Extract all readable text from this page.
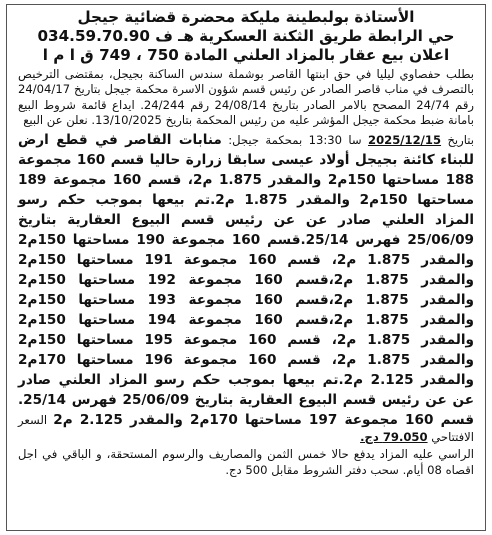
الأستاذة بولبطينة مليكة محضرة قضائية جيجل

حي الرابطة طريق الثكنة العسكرية هـ ف 034.59.70.90

اعلان بيع عقار بالمزاد العلني المادة 750 ، 749 ق ا م ا

بطلب حفصاوي ليليا في حق ابنتها القاصر بوشملة سندس الساكنة بجيجل، بمقتضى الترخيص بالتصرف في مناب قاصر الصادر عن رئيس قسم شؤون الاسرة محكمة جيجل بتاريخ 24/04/17 رقم 24/74 المصحح بالامر الصادر بتاريخ 24/08/14 رقم 24/244. ايداع قائمة شروط البيع بامانة ضبط محكمة جيجل المؤشر عليه من رئيس المحكمة بتاريخ 13/10/2025. نعلن عن البيع

بتاريخ 2025/12/15 سا 13:30 بمحكمة جيجل: منابات القاصر في قطع ارض للبناء كائنة بجيجل أولاد عيسى سابقا زرارة حاليا قسم 160 مجموعة 188 مساحتها 150م2 والمقدر 1.875 م2، قسم 160 مجموعة 189 مساحتها 150م2 والمقدر 1.875 م2.تم بيعها بموجب حكم رسو المزاد العلني صادر عن عن رئيس قسم البيوع العقارية بتاريخ 25/06/09 فهرس 25/14.قسم 160 مجموعة 190 مساحتها 150م2 والمقدر 1.875 م2، قسم 160 مجموعة 191 مساحتها 150م2 والمقدر 1.875 م2،قسم 160 مجموعة 192 مساحتها 150م2 والمقدر 1.875 م2،قسم 160 مجموعة 193 مساحتها 150م2 والمقدر 1.875 م2،قسم 160 مجموعة 194 مساحتها 150م2 والمقدر 1.875 م2، قسم 160 مجموعة 195 مساحتها 150م2 والمقدر 1.875 م2، قسم 160 مجموعة 196 مساحتها 170م2 والمقدر 2.125 م2.تم بيعها بموجب حكم رسو المزاد العلني صادر عن عن رئيس قسم البيوع العقارية بتاريخ 25/06/09 فهرس 25/14. قسم 160 مجموعة 197 مساحتها 170م2 والمقدر 2.125 م2 السعر الافتتاحي 79.050 دج.

الراسي عليه المزاد يدفع حالا خمس الثمن والمصاريف والرسوم المستحقة، و الباقي في اجل اقصاه 08 أيام. سحب دفتر الشروط مقابل 500 دج.
